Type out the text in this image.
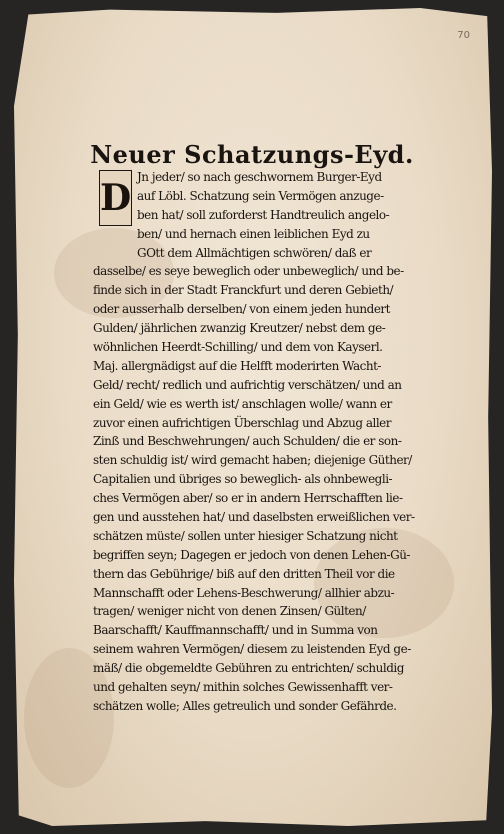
70
Neuer Schatzungs-Eyd.
D Jn jeder/ so nach geschwornem Burger-Eyd
auf Löbl. Schatzung sein Vermögen anzuge-
ben hat/ soll zuforderst Handtreulich angelo-
ben/ und hernach einen leiblichen Eyd zu
GOtt dem Allmächtigen schwören/ daß er
dasselbe/ es seye beweglich oder unbeweglich/ und be-
finde sich in der Stadt Franckfurt und deren Gebieth/
oder ausserhalb derselben/ von einem jeden hundert
Gulden/ jährlichen zwanzig Kreutzer/ nebst dem ge-
wöhnlichen Heerdt-Schilling/ und dem von Kayserl.
Maj. allergnädigst auf die Helfft moderirten Wacht-
Geld/ recht/ redlich und aufrichtig verschätzen/ und an
ein Geld/ wie es werth ist/ anschlagen wolle/ wann er
zuvor einen aufrichtigen Überschlag und Abzug aller
Zinß und Beschwehrungen/ auch Schulden/ die er son-
sten schuldig ist/ wird gemacht haben; diejenige Güther/
Capitalien und übriges so beweglich- als ohnbewegli-
ches Vermögen aber/ so er in andern Herrschafften lie-
gen und ausstehen hat/ und daselbsten erweißlichen ver-
schätzen müste/ sollen unter hiesiger Schatzung nicht
begriffen seyn; Dagegen er jedoch von denen Lehen-Gü-
thern das Gebührige/ biß auf den dritten Theil vor die
Mannschafft oder Lehens-Beschwerung/ allhier abzu-
tragen/ weniger nicht von denen Zinsen/ Gülten/
Baarschafft/ Kauffmannschafft/ und in Summa von
seinem wahren Vermögen/ diesem zu leistenden Eyd ge-
mäß/ die obgemeldte Gebühren zu entrichten/ schuldig
und gehalten seyn/ mithin solches Gewissenhafft ver-
schätzen wolle; Alles getreulich und sonder Gefährde.
